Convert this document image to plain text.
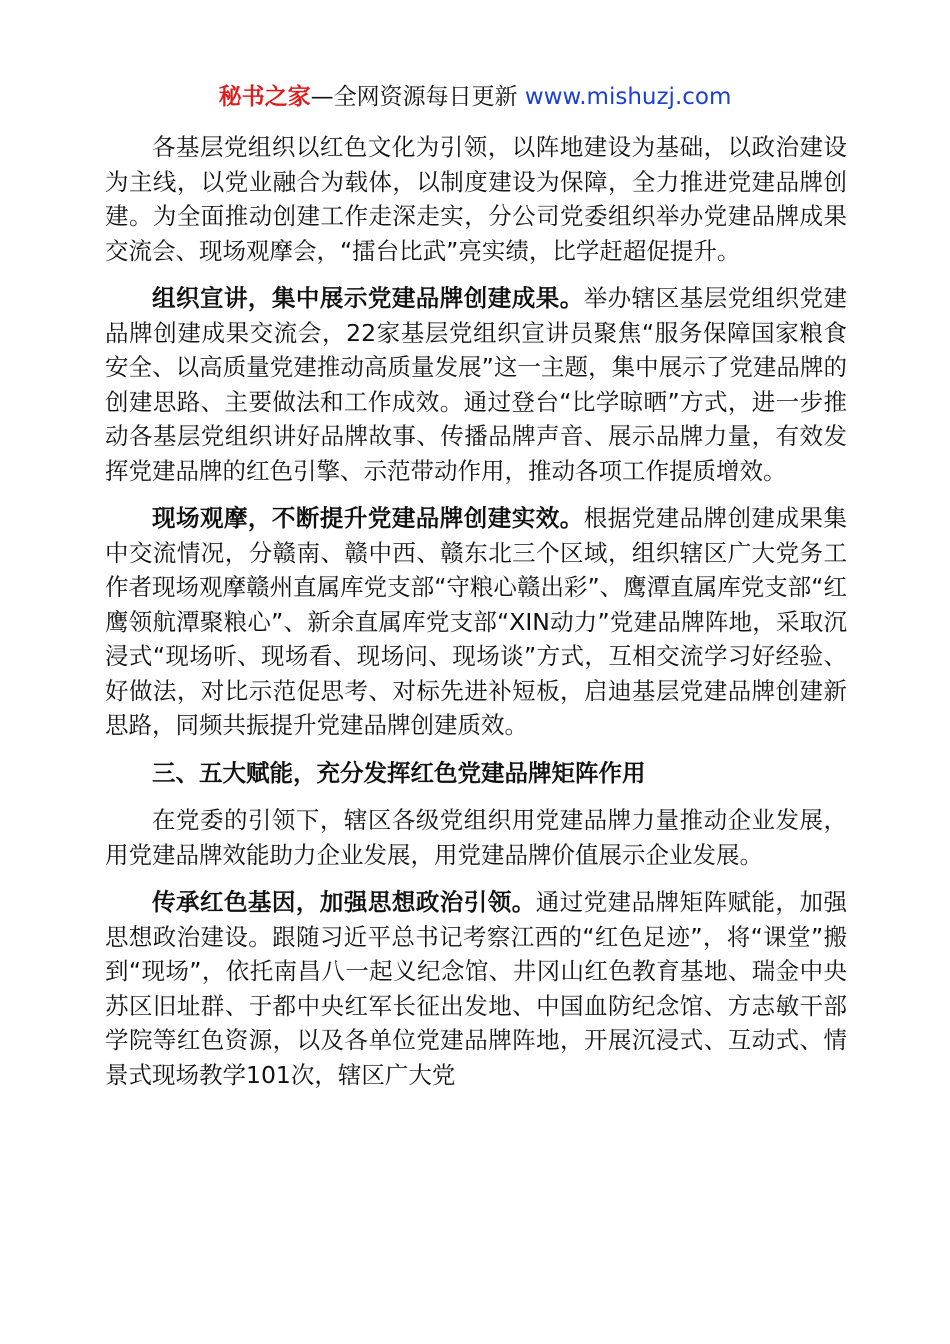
秘书之家—全网资源每日更新 www.mishuzj.com

各基层党组织以红色文化为引领，以阵地建设为基础，以政治建设为主线，以党业融合为载体，以制度建设为保障，全力推进党建品牌创建。为全面推动创建工作走深走实，分公司党委组织举办党建品牌成果交流会、现场观摩会，“擂台比武”亮实绩，比学赶超促提升。

组织宣讲，集中展示党建品牌创建成果。举办辖区基层党组织党建品牌创建成果交流会，22家基层党组织宣讲员聚焦“服务保障国家粮食安全、以高质量党建推动高质量发展”这一主题，集中展示了党建品牌的创建思路、主要做法和工作成效。通过登台“比学晾晒”方式，进一步推动各基层党组织讲好品牌故事、传播品牌声音、展示品牌力量，有效发挥党建品牌的红色引擎、示范带动作用，推动各项工作提质增效。

现场观摩，不断提升党建品牌创建实效。根据党建品牌创建成果集中交流情况，分赣南、赣中西、赣东北三个区域，组织辖区广大党务工作者现场观摩赣州直属库党支部“守粮心赣出彩”、鹰潭直属库党支部“红鹰领航潭聚粮心”、新余直属库党支部“XIN动力”党建品牌阵地，采取沉浸式“现场听、现场看、现场问、现场谈”方式，互相交流学习好经验、好做法，对比示范促思考、对标先进补短板，启迪基层党建品牌创建新思路，同频共振提升党建品牌创建质效。

三、五大赋能，充分发挥红色党建品牌矩阵作用

在党委的引领下，辖区各级党组织用党建品牌力量推动企业发展，用党建品牌效能助力企业发展，用党建品牌价值展示企业发展。

传承红色基因，加强思想政治引领。通过党建品牌矩阵赋能，加强思想政治建设。跟随习近平总书记考察江西的“红色足迹”，将“课堂”搬到“现场”，依托南昌八一起义纪念馆、井冈山红色教育基地、瑞金中央苏区旧址群、于都中央红军长征出发地、中国血防纪念馆、方志敏干部学院等红色资源，以及各单位党建品牌阵地，开展沉浸式、互动式、情景式现场教学101次，辖区广大党
